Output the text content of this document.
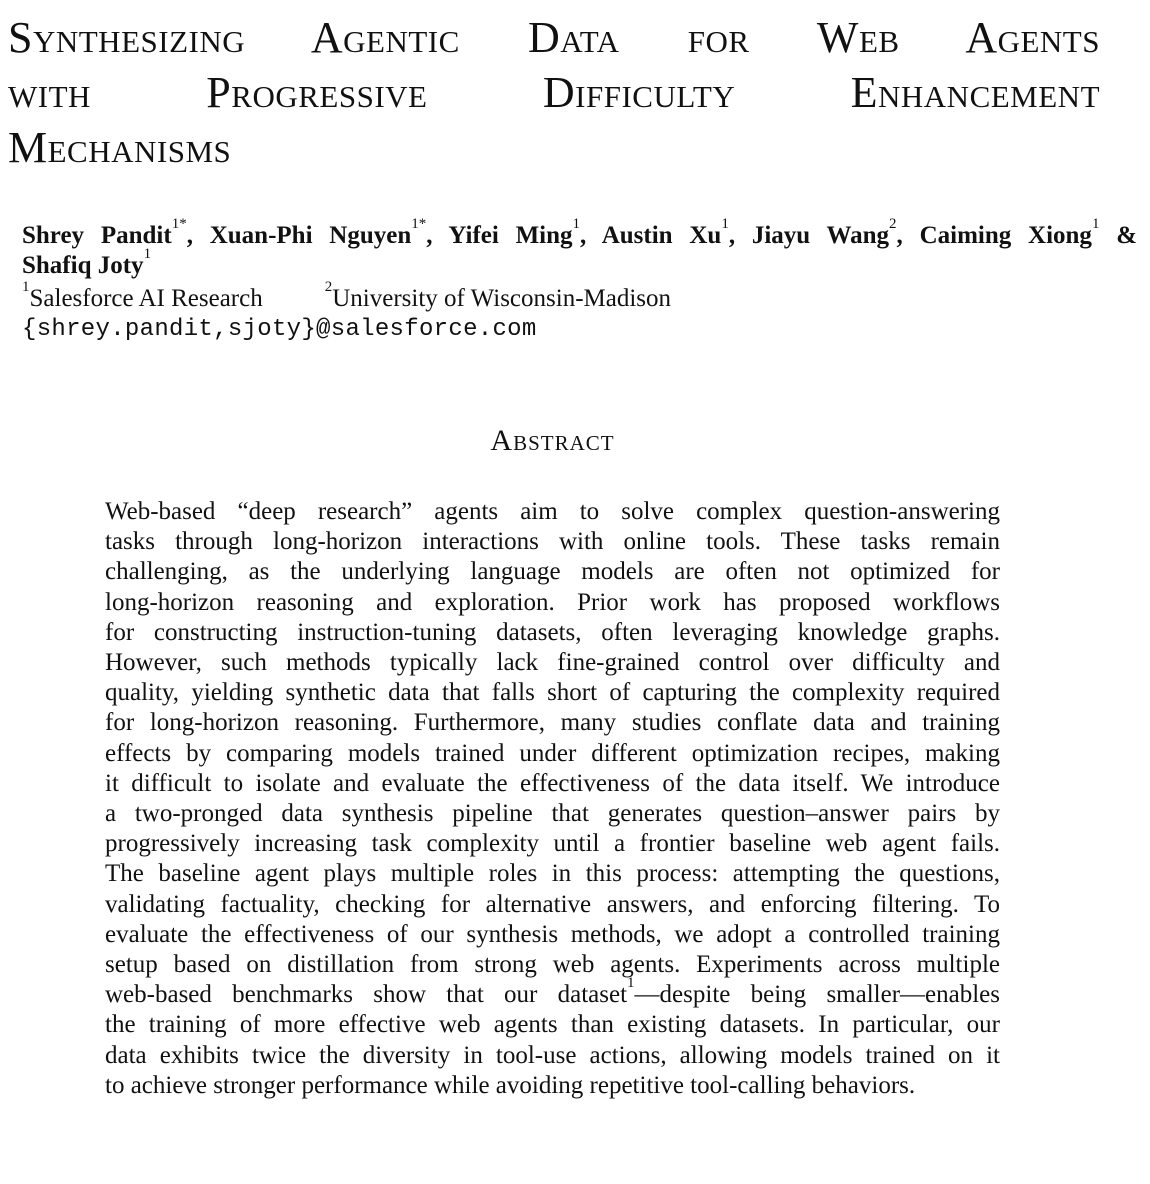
Synthesizing Agentic Data for Web Agents
with Progressive Difficulty Enhancement
Mechanisms
Shrey Pandit$^{1*}$, Xuan-Phi Nguyen$^{1*}$, Yifei Ming$^1$, Austin Xu$^1$, Jiayu Wang$^2$, Caiming Xiong$^1$ &
Shafiq Joty$^1$
$^1$Salesforce AI Research	$^2$University of Wisconsin-Madison
{shrey.pandit,sjoty}@salesforce.com
Abstract
Web-based “deep research” agents aim to solve complex question-answering
tasks through long-horizon interactions with online tools. These tasks remain
challenging, as the underlying language models are often not optimized for
long-horizon reasoning and exploration. Prior work has proposed workflows
for constructing instruction-tuning datasets, often leveraging knowledge graphs.
However, such methods typically lack fine-grained control over difficulty and
quality, yielding synthetic data that falls short of capturing the complexity required
for long-horizon reasoning. Furthermore, many studies conflate data and training
effects by comparing models trained under different optimization recipes, making
it difficult to isolate and evaluate the effectiveness of the data itself. We introduce
a two-pronged data synthesis pipeline that generates question–answer pairs by
progressively increasing task complexity until a frontier baseline web agent fails.
The baseline agent plays multiple roles in this process: attempting the questions,
validating factuality, checking for alternative answers, and enforcing filtering. To
evaluate the effectiveness of our synthesis methods, we adopt a controlled training
setup based on distillation from strong web agents. Experiments across multiple
web-based benchmarks show that our dataset$^1$—despite being smaller—enables
the training of more effective web agents than existing datasets. In particular, our
data exhibits twice the diversity in tool-use actions, allowing models trained on it
to achieve stronger performance while avoiding repetitive tool-calling behaviors.
